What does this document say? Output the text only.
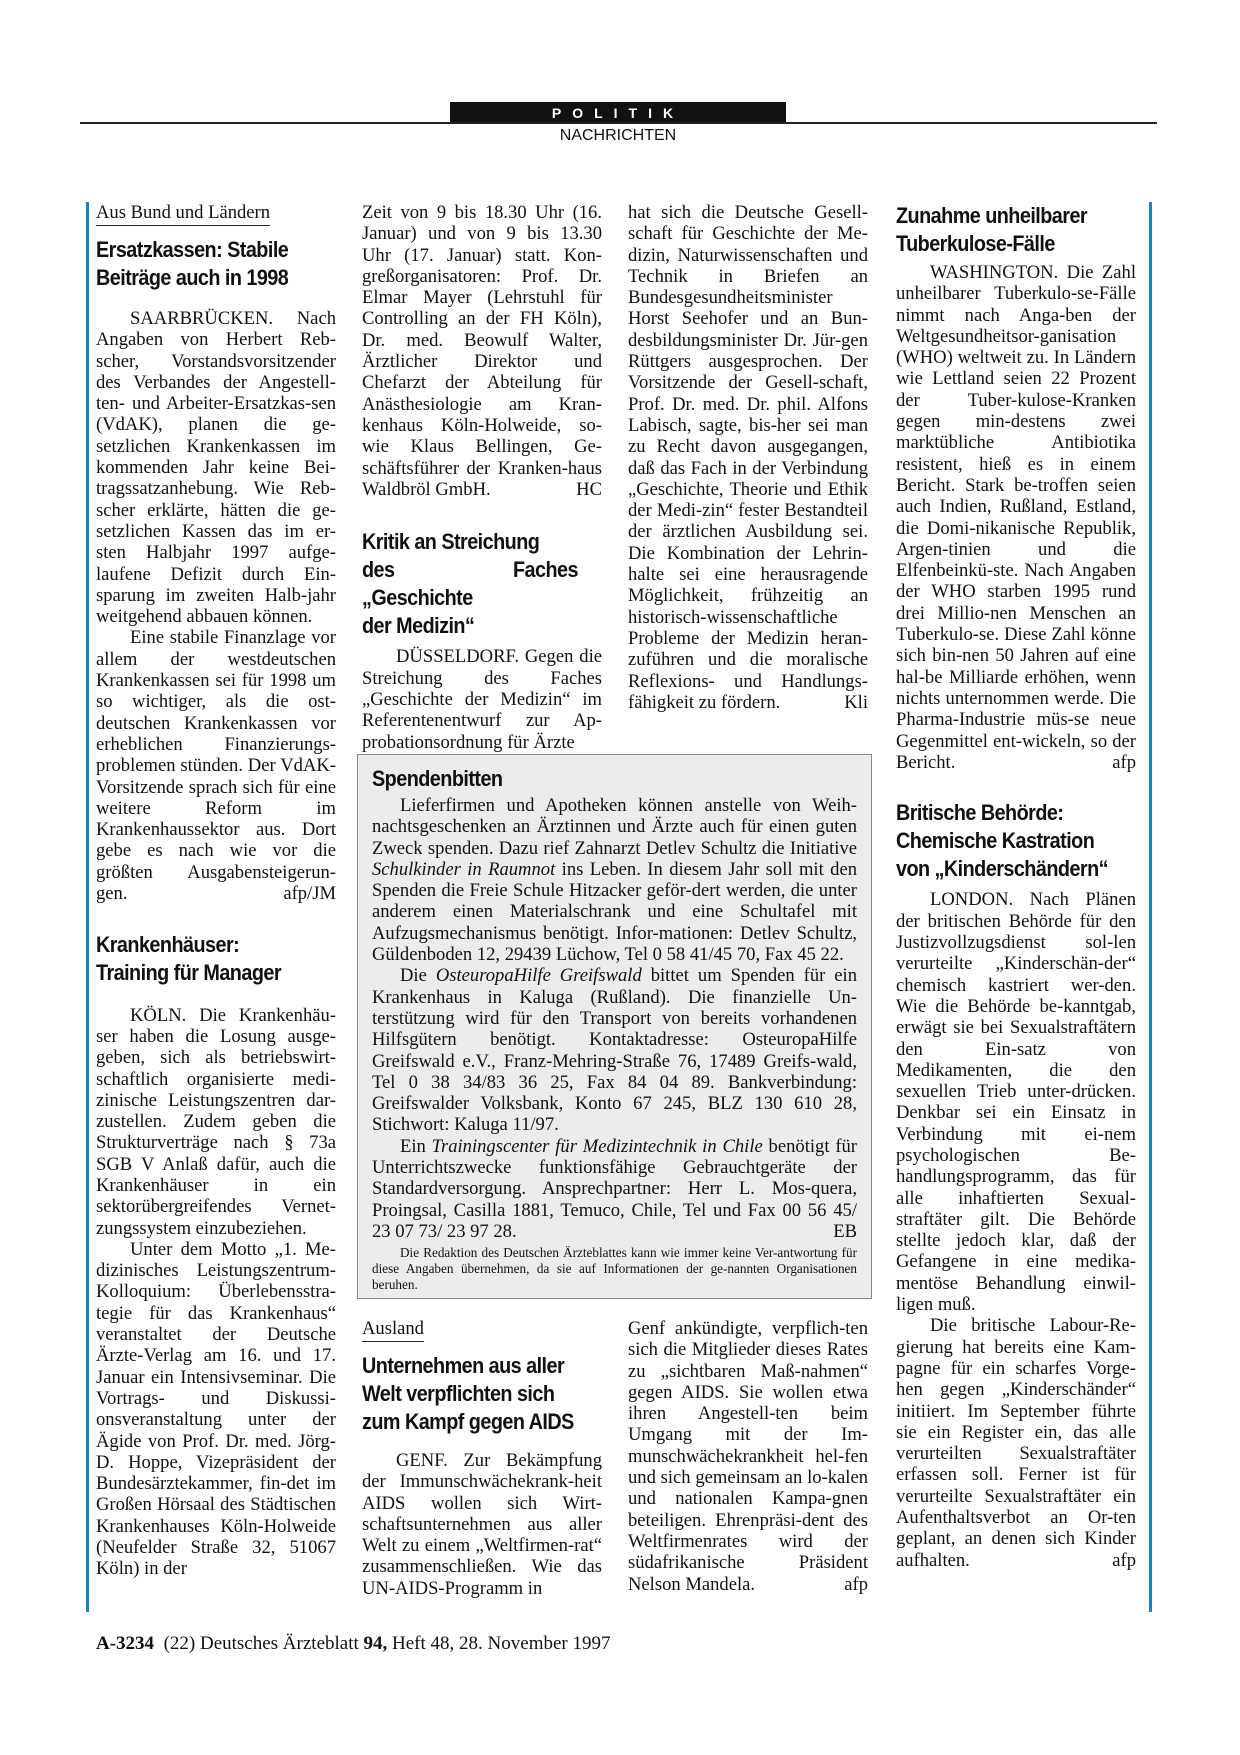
POLITIK
NACHRICHTEN
Aus Bund und Ländern
Ersatzkassen: Stabile
Beiträge auch in 1998

SAARBRÜCKEN. Nach Angaben von Herbert Reb-scher, Vorstandsvorsitzender des Verbandes der Angestell-ten- und Arbeiter-Ersatzkas-sen (VdAK), planen die ge-setzlichen Krankenkassen im kommenden Jahr keine Bei-tragssatzanhebung. Wie Reb-scher erklärte, hätten die ge-setzlichen Kassen das im er-sten Halbjahr 1997 aufge-laufene Defizit durch Ein-sparung im zweiten Halb-jahr weitgehend abbauen können.

Eine stabile Finanzlage vor allem der westdeutschen Krankenkassen sei für 1998 um so wichtiger, als die ost-deutschen Krankenkassen vor erheblichen Finanzierungs-problemen stünden. Der VdAK-Vorsitzende sprach sich für eine weitere Reform im Krankenhaussektor aus. Dort gebe es nach wie vor die größten Ausgabensteigerun-gen.	afp/JM
Krankenhäuser:
Training für Manager

KÖLN. Die Krankenhäu-ser haben die Losung ausge-geben, sich als betriebswirt-schaftlich organisierte medi-zinische Leistungszentren dar-zustellen. Zudem geben die Strukturverträge nach § 73a SGB V Anlaß dafür, auch die Krankenhäuser in ein sektorübergreifendes Vernet-zungssystem einzubeziehen.

Unter dem Motto „1. Me-dizinisches Leistungszentrum-Kolloquium: Überlebensstra-tegie für das Krankenhaus“ veranstaltet der Deutsche Ärzte-Verlag am 16. und 17. Januar ein Intensivseminar. Die Vortrags- und Diskussi-onsveranstaltung unter der Ägide von Prof. Dr. med. Jörg-D. Hoppe, Vizepräsident der Bundesärztekammer, fin-det im Großen Hörsaal des Städtischen Krankenhauses Köln-Holweide (Neufelder Straße 32, 51067 Köln) in der

Zeit von 9 bis 18.30 Uhr (16. Januar) und von 9 bis 13.30 Uhr (17. Januar) statt. Kon-greßorganisatoren: Prof. Dr. Elmar Mayer (Lehrstuhl für Controlling an der FH Köln), Dr. med. Beowulf Walter, Ärztlicher Direktor und Chefarzt der Abteilung für Anästhesiologie am Kran-kenhaus Köln-Holweide, so-wie Klaus Bellingen, Ge-schäftsführer der Kranken-haus Waldbröl GmbH.	HC
Kritik an Streichung
des Faches „Geschichte
der Medizin“

DÜSSELDORF. Gegen die Streichung des Faches „Geschichte der Medizin“ im Referentenentwurf zur Ap-probationsordnung für Ärzte

hat sich die Deutsche Gesell-schaft für Geschichte der Me-dizin, Naturwissenschaften und Technik in Briefen an Bundesgesundheitsminister Horst Seehofer und an Bun-desbildungsminister Dr. Jür-gen Rüttgers ausgesprochen. Der Vorsitzende der Gesell-schaft, Prof. Dr. med. Dr. phil. Alfons Labisch, sagte, bis-her sei man zu Recht davon ausgegangen, daß das Fach in der Verbindung „Geschichte, Theorie und Ethik der Medi-zin“ fester Bestandteil der ärztlichen Ausbildung sei. Die Kombination der Lehrin-halte sei eine herausragende Möglichkeit, frühzeitig an historisch-wissenschaftliche Probleme der Medizin heran-zuführen und die moralische Reflexions- und Handlungs-fähigkeit zu fördern.	Kli
Zunahme unheilbarer
Tuberkulose-Fälle

WASHINGTON. Die Zahl unheilbarer Tuberkulo-se-Fälle nimmt nach Anga-ben der Weltgesundheitsor-ganisation (WHO) weltweit zu. In Ländern wie Lettland seien 22 Prozent der Tuber-kulose-Kranken gegen min-destens zwei marktübliche Antibiotika resistent, hieß es in einem Bericht. Stark be-troffen seien auch Indien, Rußland, Estland, die Domi-nikanische Republik, Argen-tinien und die Elfenbeinkü-ste. Nach Angaben der WHO starben 1995 rund drei Millio-nen Menschen an Tuberkulo-se. Diese Zahl könne sich bin-nen 50 Jahren auf eine hal-be Milliarde erhöhen, wenn nichts unternommen werde. Die Pharma-Industrie müs-se neue Gegenmittel ent-wickeln, so der Bericht.	afp
Britische Behörde:
Chemische Kastration
von „Kinderschändern“

LONDON. Nach Plänen der britischen Behörde für den Justizvollzugsdienst sol-len verurteilte „Kinderschän-der“ chemisch kastriert wer-den. Wie die Behörde be-kanntgab, erwägt sie bei Sexualstraftätern den Ein-satz von Medikamenten, die den sexuellen Trieb unter-drücken. Denkbar sei ein Einsatz in Verbindung mit ei-nem psychologischen Be-handlungsprogramm, das für alle inhaftierten Sexual-straftäter gilt. Die Behörde stellte jedoch klar, daß der Gefangene in eine medika-mentöse Behandlung einwil-ligen muß.

Die britische Labour-Re-gierung hat bereits eine Kam-pagne für ein scharfes Vorge-hen gegen „Kinderschänder“ initiiert. Im September führte sie ein Register ein, das alle verurteilten Sexualstraftäter erfassen soll. Ferner ist für verurteilte Sexualstraftäter ein Aufenthaltsverbot an Or-ten geplant, an denen sich Kinder aufhalten.	afp
Spendenbitten

Lieferfirmen und Apotheken können anstelle von Weih-nachtsgeschenken an Ärztinnen und Ärzte auch für einen guten Zweck spenden. Dazu rief Zahnarzt Detlev Schultz die Initiative Schulkinder in Raumnot ins Leben. In diesem Jahr soll mit den Spenden die Freie Schule Hitzacker geför-dert werden, die unter anderem einen Materialschrank und eine Schultafel mit Aufzugsmechanismus benötigt. Infor-mationen: Detlev Schultz, Güldenboden 12, 29439 Lüchow, Tel 0 58 41/45 70, Fax 45 22.

Die OsteuropaHilfe Greifswald bittet um Spenden für ein Krankenhaus in Kaluga (Rußland). Die finanzielle Un-terstützung wird für den Transport von bereits vorhandenen Hilfsgütern benötigt. Kontaktadresse: OsteuropaHilfe Greifswald e.V., Franz-Mehring-Straße 76, 17489 Greifs-wald, Tel 0 38 34/83 36 25, Fax 84 04 89. Bankverbindung: Greifswalder Volksbank, Konto 67 245, BLZ 130 610 28, Stichwort: Kaluga 11/97.

Ein Trainingscenter für Medizintechnik in Chile benötigt für Unterrichtszwecke funktionsfähige Gebrauchtgeräte der Standardversorgung. Ansprechpartner: Herr L. Mos-quera, Proingsal, Casilla 1881, Temuco, Chile, Tel und Fax 00 56 45/ 23 07 73/ 23 97 28.	EB
Die Redaktion des Deutschen Ärzteblattes kann wie immer keine Ver-antwortung für diese Angaben übernehmen, da sie auf Informationen der ge-nannten Organisationen beruhen.
Ausland
Unternehmen aus aller
Welt verpflichten sich
zum Kampf gegen AIDS

GENF. Zur Bekämpfung der Immunschwächekrank-heit AIDS wollen sich Wirt-schaftsunternehmen aus aller Welt zu einem „Weltfirmen-rat“ zusammenschließen. Wie das UN-AIDS-Programm in

Genf ankündigte, verpflich-ten sich die Mitglieder dieses Rates zu „sichtbaren Maß-nahmen“ gegen AIDS. Sie wollen etwa ihren Angestell-ten beim Umgang mit der Im-munschwächekrankheit hel-fen und sich gemeinsam an lo-kalen und nationalen Kampa-gnen beteiligen. Ehrenpräsi-dent des Weltfirmenrates wird der südafrikanische Präsident Nelson Mandela.	afp
A-3234 (22) Deutsches Ärzteblatt 94, Heft 48, 28. November 1997
